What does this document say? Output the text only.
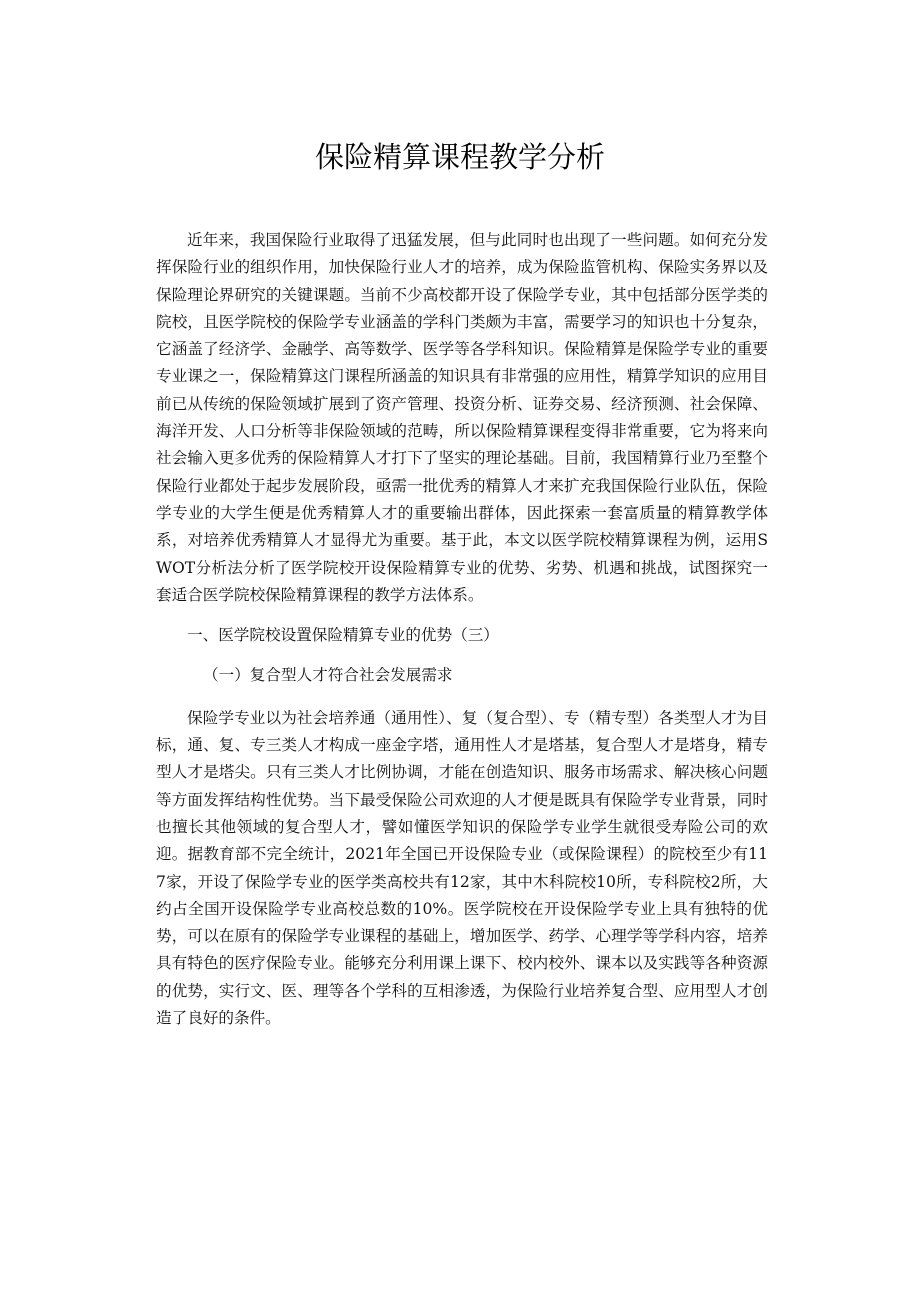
保险精算课程教学分析

近年来，我国保险行业取得了迅猛发展，但与此同时也出现了一些问题。如何充分发挥保险行业的组织作用，加快保险行业人才的培养，成为保险监管机构、保险实务界以及保险理论界研究的关键课题。当前不少高校都开设了保险学专业，其中包括部分医学类的院校，且医学院校的保险学专业涵盖的学科门类颇为丰富，需要学习的知识也十分复杂，它涵盖了经济学、金融学、高等数学、医学等各学科知识。保险精算是保险学专业的重要专业课之一，保险精算这门课程所涵盖的知识具有非常强的应用性，精算学知识的应用目前已从传统的保险领域扩展到了资产管理、投资分析、证券交易、经济预测、社会保障、海洋开发、人口分析等非保险领域的范畴，所以保险精算课程变得非常重要，它为将来向社会输入更多优秀的保险精算人才打下了坚实的理论基础。目前，我国精算行业乃至整个保险行业都处于起步发展阶段，亟需一批优秀的精算人才来扩充我国保险行业队伍，保险学专业的大学生便是优秀精算人才的重要输出群体，因此探索一套富质量的精算教学体系，对培养优秀精算人才显得尤为重要。基于此，本文以医学院校精算课程为例，运用SWOT分析法分析了医学院校开设保险精算专业的优势、劣势、机遇和挑战，试图探究一套适合医学院校保险精算课程的教学方法体系。

一、医学院校设置保险精算专业的优势（三）

（一）复合型人才符合社会发展需求

保险学专业以为社会培养通（通用性）、复（复合型）、专（精专型）各类型人才为目标，通、复、专三类人才构成一座金字塔，通用性人才是塔基，复合型人才是塔身，精专型人才是塔尖。只有三类人才比例协调，才能在创造知识、服务市场需求、解决核心问题等方面发挥结构性优势。当下最受保险公司欢迎的人才便是既具有保险学专业背景，同时也擅长其他领域的复合型人才，譬如懂医学知识的保险学专业学生就很受寿险公司的欢迎。据教育部不完全统计，2021年全国已开设保险专业（或保险课程）的院校至少有117家，开设了保险学专业的医学类高校共有12家，其中木科院校10所，专科院校2所，大约占全国开设保险学专业高校总数的10%。医学院校在开设保险学专业上具有独特的优势，可以在原有的保险学专业课程的基础上，增加医学、药学、心理学等学科内容，培养具有特色的医疗保险专业。能够充分利用课上课下、校内校外、课本以及实践等各种资源的优势，实行文、医、理等各个学科的互相渗透，为保险行业培养复合型、应用型人才创造了良好的条件。
